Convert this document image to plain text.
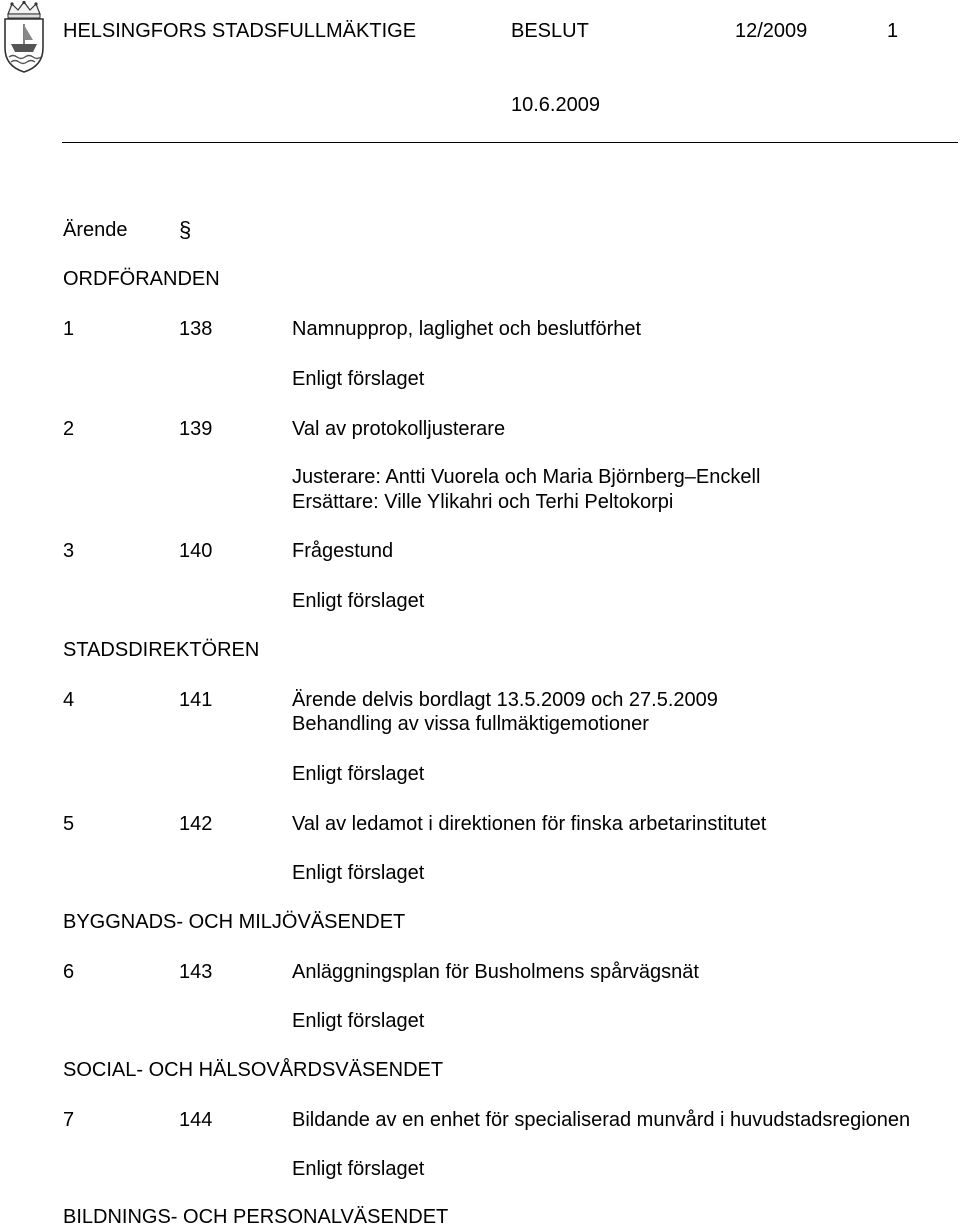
HELSINGFORS STADSFULLMÄKTIGE	BESLUT	12/2009	1
10.6.2009
Ärende §
ORDFÖRANDEN
1	138	Namnupprop, laglighet och beslutförhet
Enligt förslaget
2	139	Val av protokolljusterare
Justerare: Antti Vuorela och Maria Björnberg–Enckell
Ersättare: Ville Ylikahri och Terhi Peltokorpi
3	140	Frågestund
Enligt förslaget
STADSDIREKTÖREN
4	141	Ärende delvis bordlagt 13.5.2009 och 27.5.2009
Behandling av vissa fullmäktigemotioner
Enligt förslaget
5	142	Val av ledamot i direktionen för finska arbetarinstitutet
Enligt förslaget
BYGGNADS- OCH MILJÖVÄSENDET
6	143	Anläggningsplan för Busholmens spårvägsnät
Enligt förslaget
SOCIAL- OCH HÄLSOVÅRDSVÄSENDET
7	144	Bildande av en enhet för specialiserad munvård i huvudstadsregionen
Enligt förslaget
BILDNINGS- OCH PERSONALVÄSENDET
